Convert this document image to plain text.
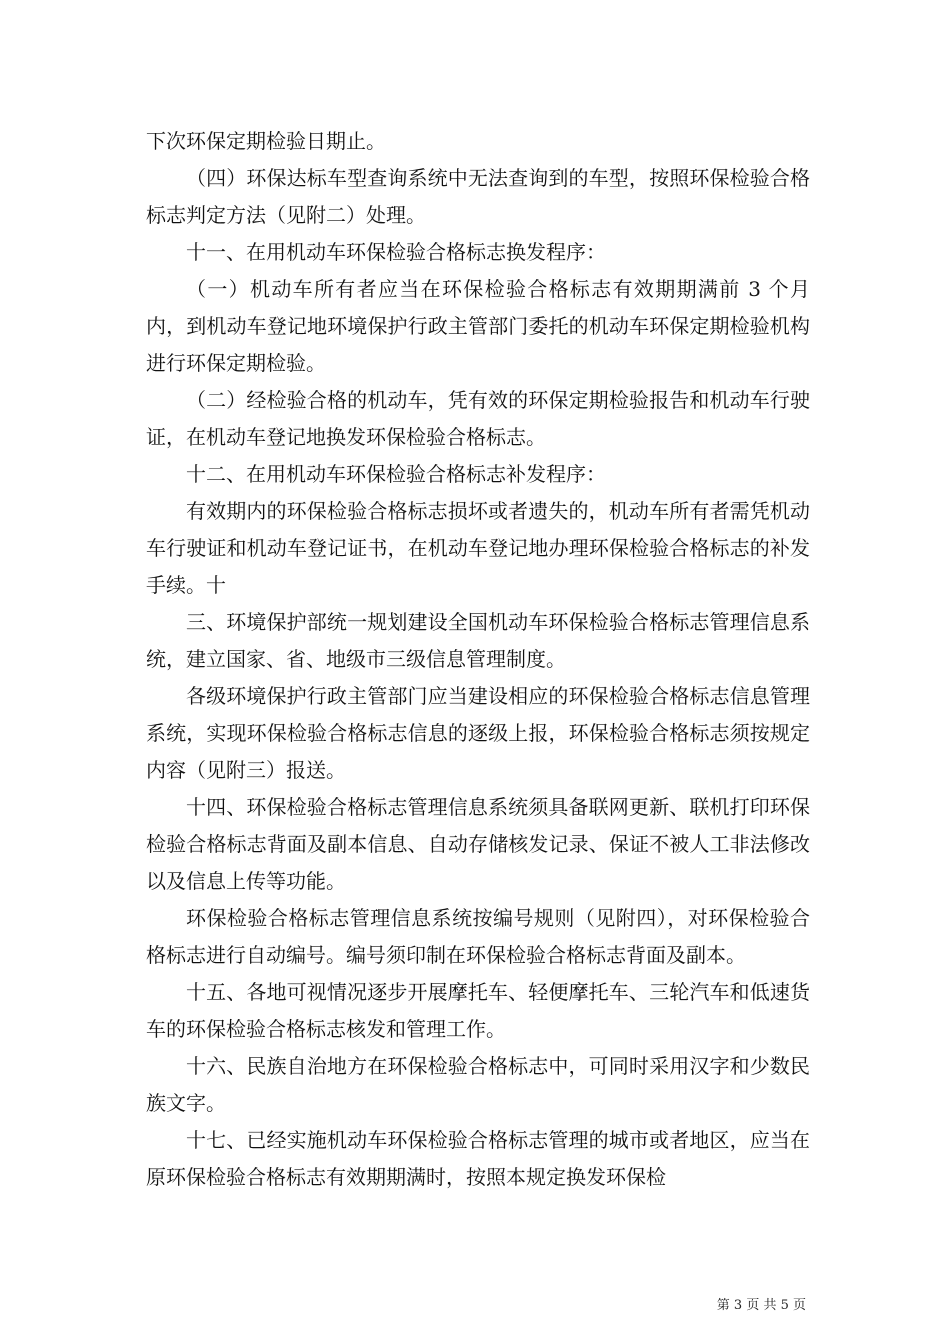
下次环保定期检验日期止。

（四）环保达标车型查询系统中无法查询到的车型，按照环保检验合格标志判定方法（见附二）处理。

十一、在用机动车环保检验合格标志换发程序：

（一）机动车所有者应当在环保检验合格标志有效期期满前 3 个月内，到机动车登记地环境保护行政主管部门委托的机动车环保定期检验机构进行环保定期检验。

（二）经检验合格的机动车，凭有效的环保定期检验报告和机动车行驶证，在机动车登记地换发环保检验合格标志。

十二、在用机动车环保检验合格标志补发程序：

有效期内的环保检验合格标志损坏或者遗失的，机动车所有者需凭机动车行驶证和机动车登记证书，在机动车登记地办理环保检验合格标志的补发手续。十

三、环境保护部统一规划建设全国机动车环保检验合格标志管理信息系统，建立国家、省、地级市三级信息管理制度。

各级环境保护行政主管部门应当建设相应的环保检验合格标志信息管理系统，实现环保检验合格标志信息的逐级上报，环保检验合格标志须按规定内容（见附三）报送。

十四、环保检验合格标志管理信息系统须具备联网更新、联机打印环保检验合格标志背面及副本信息、自动存储核发记录、保证不被人工非法修改以及信息上传等功能。

环保检验合格标志管理信息系统按编号规则（见附四），对环保检验合格标志进行自动编号。编号须印制在环保检验合格标志背面及副本。

十五、各地可视情况逐步开展摩托车、轻便摩托车、三轮汽车和低速货车的环保检验合格标志核发和管理工作。

十六、民族自治地方在环保检验合格标志中，可同时采用汉字和少数民族文字。

十七、已经实施机动车环保检验合格标志管理的城市或者地区，应当在原环保检验合格标志有效期期满时，按照本规定换发环保检

第 3 页 共 5 页
